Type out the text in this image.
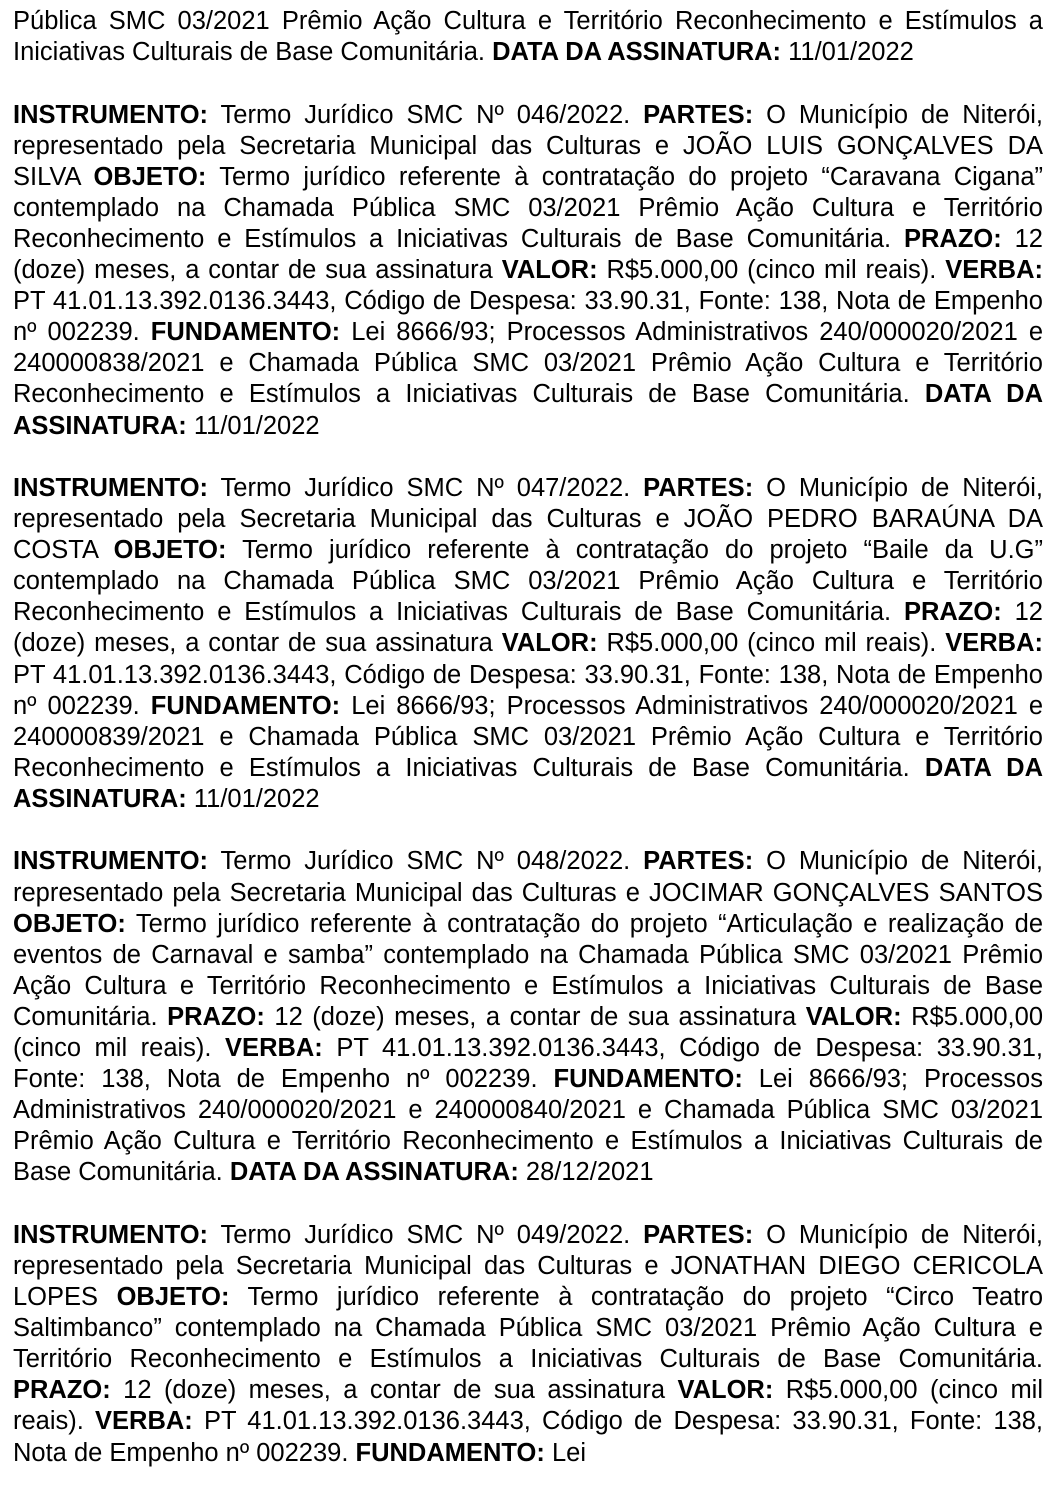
Pública SMC 03/2021 Prêmio Ação Cultura e Território Reconhecimento e Estímulos a Iniciativas Culturais de Base Comunitária. DATA DA ASSINATURA: 11/01/2022

INSTRUMENTO: Termo Jurídico SMC Nº 046/2022. PARTES: O Município de Niterói, representado pela Secretaria Municipal das Culturas e JOÃO LUIS GONÇALVES DA SILVA OBJETO: Termo jurídico referente à contratação do projeto “Caravana Cigana” contemplado na Chamada Pública SMC 03/2021 Prêmio Ação Cultura e Território Reconhecimento e Estímulos a Iniciativas Culturais de Base Comunitária. PRAZO: 12 (doze) meses, a contar de sua assinatura VALOR: R$5.000,00 (cinco mil reais). VERBA: PT 41.01.13.392.0136.3443, Código de Despesa: 33.90.31, Fonte: 138, Nota de Empenho nº 002239. FUNDAMENTO: Lei 8666/93; Processos Administrativos 240/000020/2021 e 240000838/2021 e Chamada Pública SMC 03/2021 Prêmio Ação Cultura e Território Reconhecimento e Estímulos a Iniciativas Culturais de Base Comunitária. DATA DA ASSINATURA: 11/01/2022

INSTRUMENTO: Termo Jurídico SMC Nº 047/2022. PARTES: O Município de Niterói, representado pela Secretaria Municipal das Culturas e JOÃO PEDRO BARAÚNA DA COSTA OBJETO: Termo jurídico referente à contratação do projeto “Baile da U.G” contemplado na Chamada Pública SMC 03/2021 Prêmio Ação Cultura e Território Reconhecimento e Estímulos a Iniciativas Culturais de Base Comunitária. PRAZO: 12 (doze) meses, a contar de sua assinatura VALOR: R$5.000,00 (cinco mil reais). VERBA: PT 41.01.13.392.0136.3443, Código de Despesa: 33.90.31, Fonte: 138, Nota de Empenho nº 002239. FUNDAMENTO: Lei 8666/93; Processos Administrativos 240/000020/2021 e 240000839/2021 e Chamada Pública SMC 03/2021 Prêmio Ação Cultura e Território Reconhecimento e Estímulos a Iniciativas Culturais de Base Comunitária. DATA DA ASSINATURA: 11/01/2022

INSTRUMENTO: Termo Jurídico SMC Nº 048/2022. PARTES: O Município de Niterói, representado pela Secretaria Municipal das Culturas e JOCIMAR GONÇALVES SANTOS OBJETO: Termo jurídico referente à contratação do projeto “Articulação e realização de eventos de Carnaval e samba” contemplado na Chamada Pública SMC 03/2021 Prêmio Ação Cultura e Território Reconhecimento e Estímulos a Iniciativas Culturais de Base Comunitária. PRAZO: 12 (doze) meses, a contar de sua assinatura VALOR: R$5.000,00 (cinco mil reais). VERBA: PT 41.01.13.392.0136.3443, Código de Despesa: 33.90.31, Fonte: 138, Nota de Empenho nº 002239. FUNDAMENTO: Lei 8666/93; Processos Administrativos 240/000020/2021 e 240000840/2021 e Chamada Pública SMC 03/2021 Prêmio Ação Cultura e Território Reconhecimento e Estímulos a Iniciativas Culturais de Base Comunitária. DATA DA ASSINATURA: 28/12/2021

INSTRUMENTO: Termo Jurídico SMC Nº 049/2022. PARTES: O Município de Niterói, representado pela Secretaria Municipal das Culturas e JONATHAN DIEGO CERICOLA LOPES OBJETO: Termo jurídico referente à contratação do projeto “Circo Teatro Saltimbanco” contemplado na Chamada Pública SMC 03/2021 Prêmio Ação Cultura e Território Reconhecimento e Estímulos a Iniciativas Culturais de Base Comunitária. PRAZO: 12 (doze) meses, a contar de sua assinatura VALOR: R$5.000,00 (cinco mil reais). VERBA: PT 41.01.13.392.0136.3443, Código de Despesa: 33.90.31, Fonte: 138, Nota de Empenho nº 002239. FUNDAMENTO: Lei
